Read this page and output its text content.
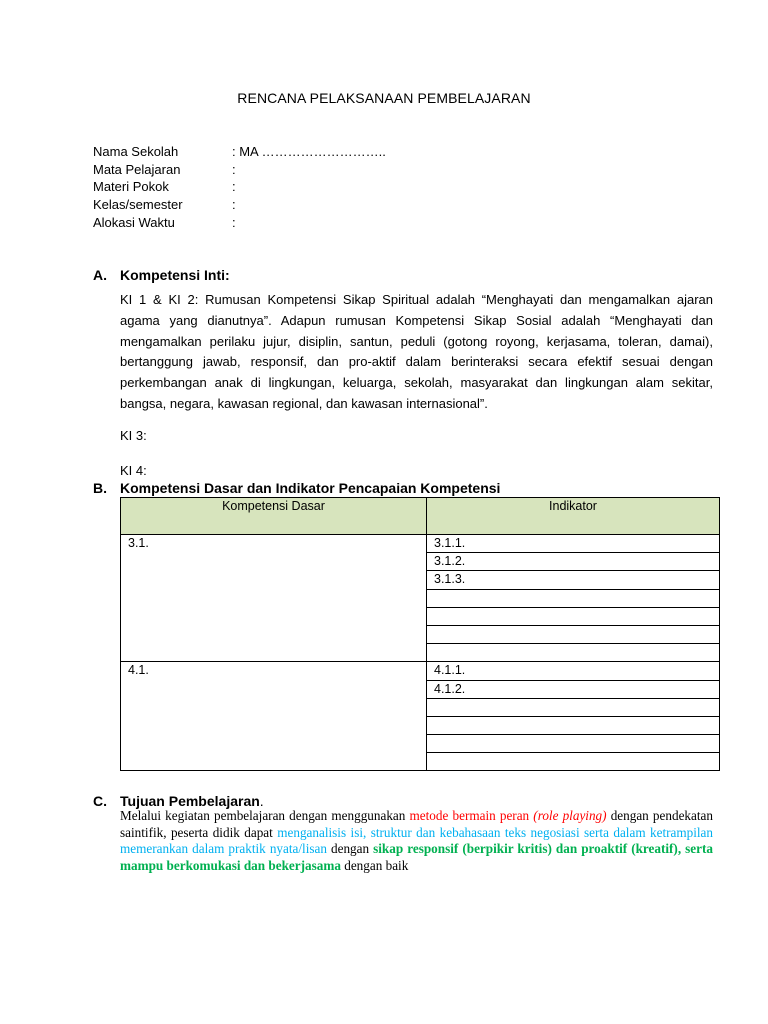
RENCANA PELAKSANAAN PEMBELAJARAN
Nama Sekolah	: MA ………………………..
Mata Pelajaran	:
Materi Pokok	:
Kelas/semester	:
Alokasi Waktu	:
A. Kompetensi Inti:
KI 1 & KI 2: Rumusan Kompetensi Sikap Spiritual adalah “Menghayati dan mengamalkan ajaran agama yang dianutnya”. Adapun rumusan Kompetensi Sikap Sosial adalah “Menghayati dan mengamalkan perilaku jujur, disiplin, santun, peduli (gotong royong, kerjasama, toleran, damai), bertanggung jawab, responsif, dan pro-aktif dalam berinteraksi secara efektif sesuai dengan perkembangan anak di lingkungan, keluarga, sekolah, masyarakat dan lingkungan alam sekitar, bangsa, negara, kawasan regional, dan kawasan internasional”.
KI 3:
KI 4:
B. Kompetensi Dasar dan Indikator Pencapaian Kompetensi
Kompetensi Dasar	Indikator
3.1.	3.1.1.
	3.1.2.
	3.1.3.

4.1.	4.1.1.
	4.1.2.

C. Tujuan Pembelajaran.
Melalui kegiatan pembelajaran dengan menggunakan metode bermain peran (role playing) dengan pendekatan saintifik, peserta didik dapat menganalisis isi, struktur dan kebahasaan teks negosiasi serta dalam ketrampilan memerankan dalam praktik nyata/lisan dengan sikap responsif (berpikir kritis) dan proaktif (kreatif), serta mampu berkomukasi dan bekerjasama dengan baik
